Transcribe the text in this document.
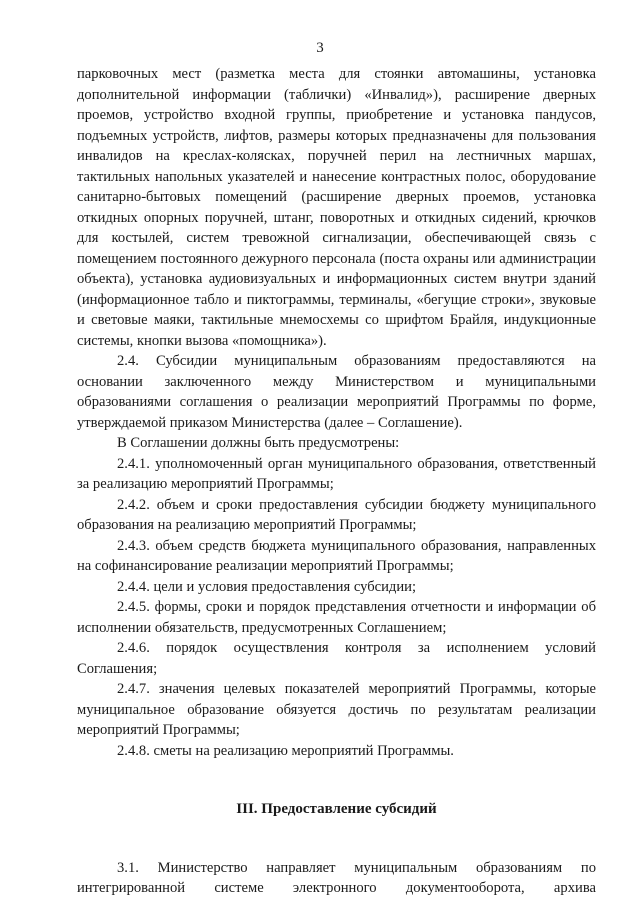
3

парковочных мест (разметка места для стоянки автомашины, установка дополнительной информации (таблички) «Инвалид»), расширение дверных проемов, устройство входной группы, приобретение и установка пандусов, подъемных устройств, лифтов, размеры которых предназначены для пользования инвалидов на креслах-колясках, поручней перил на лестничных маршах, тактильных напольных указателей и нанесение контрастных полос, оборудование санитарно-бытовых помещений (расширение дверных проемов, установка откидных опорных поручней, штанг, поворотных и откидных сидений, крючков для костылей, систем тревожной сигнализации, обеспечивающей связь с помещением постоянного дежурного персонала (поста охраны или администрации объекта), установка аудиовизуальных и информационных систем внутри зданий (информационное табло и пиктограммы, терминалы, «бегущие строки», звуковые и световые маяки, тактильные мнемосхемы со шрифтом Брайля, индукционные системы, кнопки вызова «помощника»).

2.4. Субсидии муниципальным образованиям предоставляются на основании заключенного между Министерством и муниципальными образованиями соглашения о реализации мероприятий Программы по форме, утверждаемой приказом Министерства (далее – Соглашение).

В Соглашении должны быть предусмотрены:

2.4.1. уполномоченный орган муниципального образования, ответственный за реализацию мероприятий Программы;

2.4.2. объем и сроки предоставления субсидии бюджету муниципального образования на реализацию мероприятий Программы;

2.4.3. объем средств бюджета муниципального образования, направленных на софинансирование реализации мероприятий Программы;

2.4.4. цели и условия предоставления субсидии;

2.4.5. формы, сроки и порядок представления отчетности и информации об исполнении обязательств, предусмотренных Соглашением;

2.4.6. порядок осуществления контроля за исполнением условий Соглашения;

2.4.7. значения целевых показателей мероприятий Программы, которые муниципальное образование обязуется достичь по результатам реализации мероприятий Программы;

2.4.8. сметы на реализацию мероприятий Программы.

III. Предоставление субсидий

3.1. Министерство направляет муниципальным образованиям по интегрированной системе электронного документооборота, архива
